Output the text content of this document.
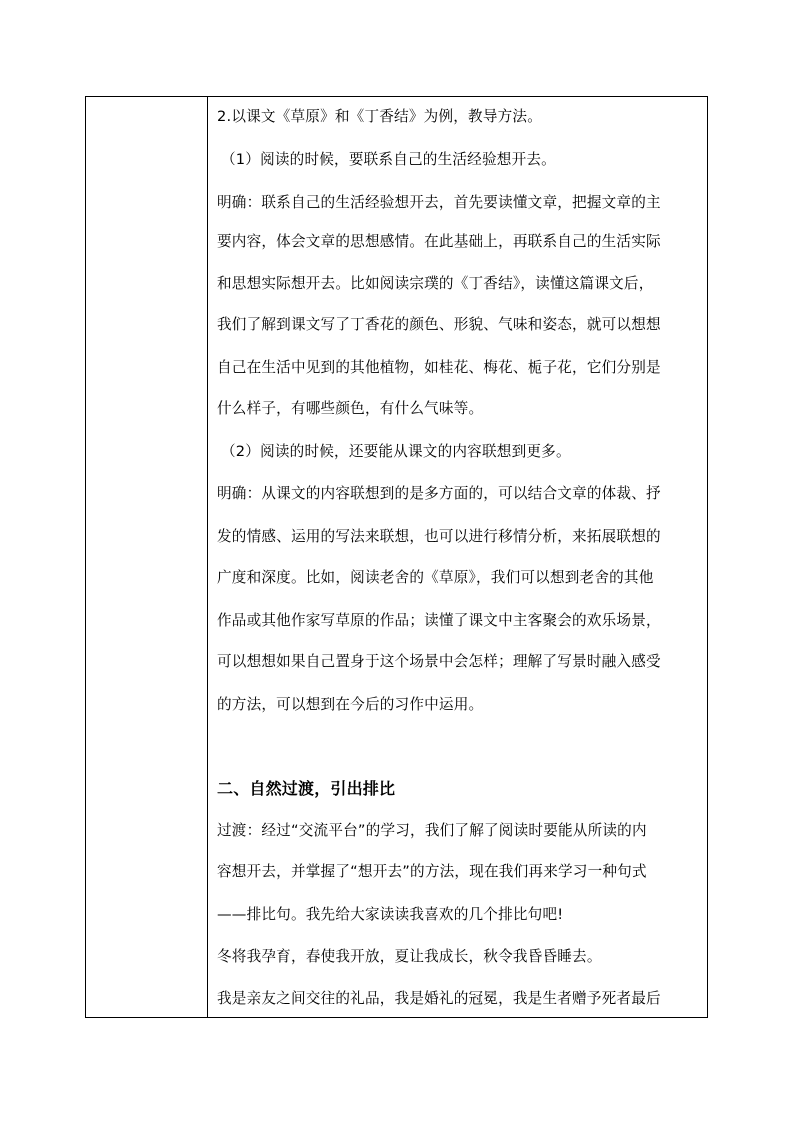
2.以课文《草原》和《丁香结》为例，教导方法。
（1）阅读的时候，要联系自己的生活经验想开去。
明确：联系自己的生活经验想开去，首先要读懂文章，把握文章的主
要内容，体会文章的思想感情。在此基础上，再联系自己的生活实际
和思想实际想开去。比如阅读宗璞的《丁香结》，读懂这篇课文后，
我们了解到课文写了丁香花的颜色、形貌、气味和姿态，就可以想想
自己在生活中见到的其他植物，如桂花、梅花、栀子花，它们分别是
什么样子，有哪些颜色，有什么气味等。
（2）阅读的时候，还要能从课文的内容联想到更多。
明确：从课文的内容联想到的是多方面的，可以结合文章的体裁、抒
发的情感、运用的写法来联想，也可以进行移情分析，来拓展联想的
广度和深度。比如，阅读老舍的《草原》，我们可以想到老舍的其他
作品或其他作家写草原的作品；读懂了课文中主客聚会的欢乐场景，
可以想想如果自己置身于这个场景中会怎样；理解了写景时融入感受
的方法，可以想到在今后的习作中运用。
二、自然过渡，引出排比
过渡：经过“交流平台”的学习，我们了解了阅读时要能从所读的内
容想开去，并掌握了“想开去”的方法，现在我们再来学习一种句式
——排比句。我先给大家读读我喜欢的几个排比句吧!
冬将我孕育，春使我开放，夏让我成长，秋令我昏昏睡去。
我是亲友之间交往的礼品，我是婚礼的冠冕，我是生者赠予死者最后
